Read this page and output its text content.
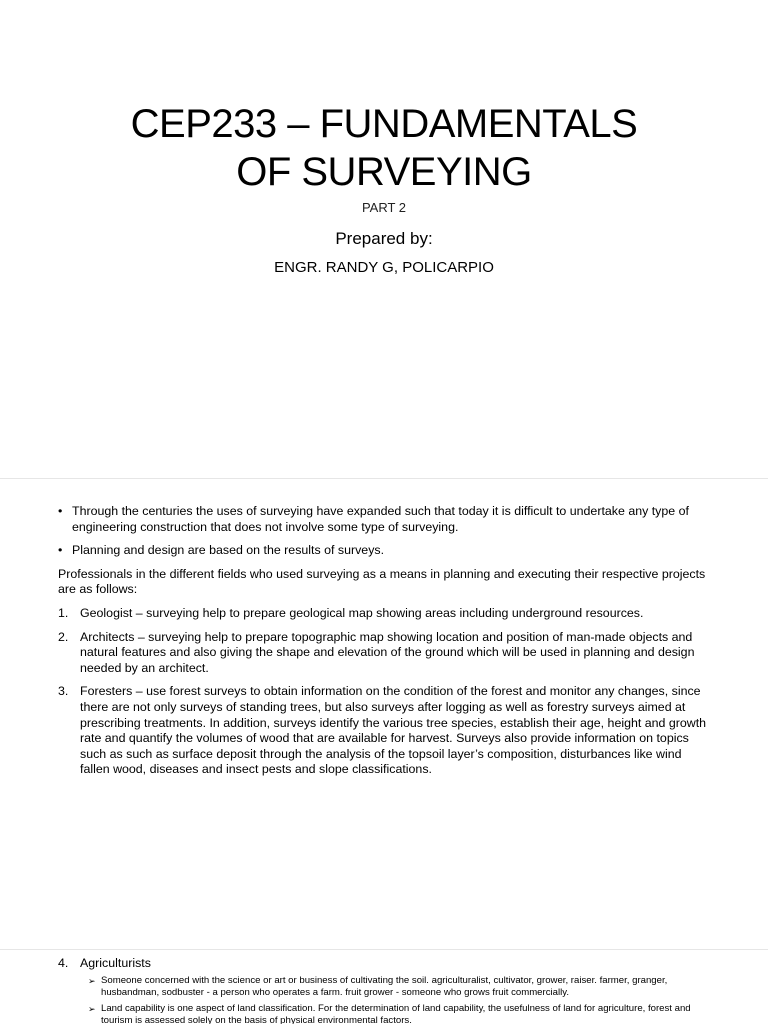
CEP233 – FUNDAMENTALS
OF SURVEYING
PART 2
Prepared by:
ENGR. RANDY G, POLICARPIO
• Through the centuries the uses of surveying have expanded such that today it is difficult to undertake any type of engineering construction that does not involve some type of surveying.
• Planning and design are based on the results of surveys.
Professionals in the different fields who used surveying as a means in planning and executing their respective projects are as follows:
1. Geologist – surveying help to prepare geological map showing areas including underground resources.
2. Architects – surveying help to prepare topographic map showing location and position of man-made objects and natural features and also giving the shape and elevation of the ground which will be used in planning and design needed by an architect.
3. Foresters – use forest surveys to obtain information on the condition of the forest and monitor any changes, since there are not only surveys of standing trees, but also surveys after logging as well as forestry surveys aimed at prescribing treatments. In addition, surveys identify the various tree species, establish their age, height and growth rate and quantify the volumes of wood that are available for harvest. Surveys also provide information on topics such as such as surface deposit through the analysis of the topsoil layer’s composition, disturbances like wind fallen wood, diseases and insect pests and slope classifications.
4. Agriculturists
➢ Someone concerned with the science or art or business of cultivating the soil. agriculturalist, cultivator, grower, raiser. farmer, granger, husbandman, sodbuster - a person who operates a farm. fruit grower - someone who grows fruit commercially.
➢ Land capability is one aspect of land classification. For the determination of land capability, the usefulness of land for agriculture, forest and tourism is assessed solely on the basis of physical environmental factors.
